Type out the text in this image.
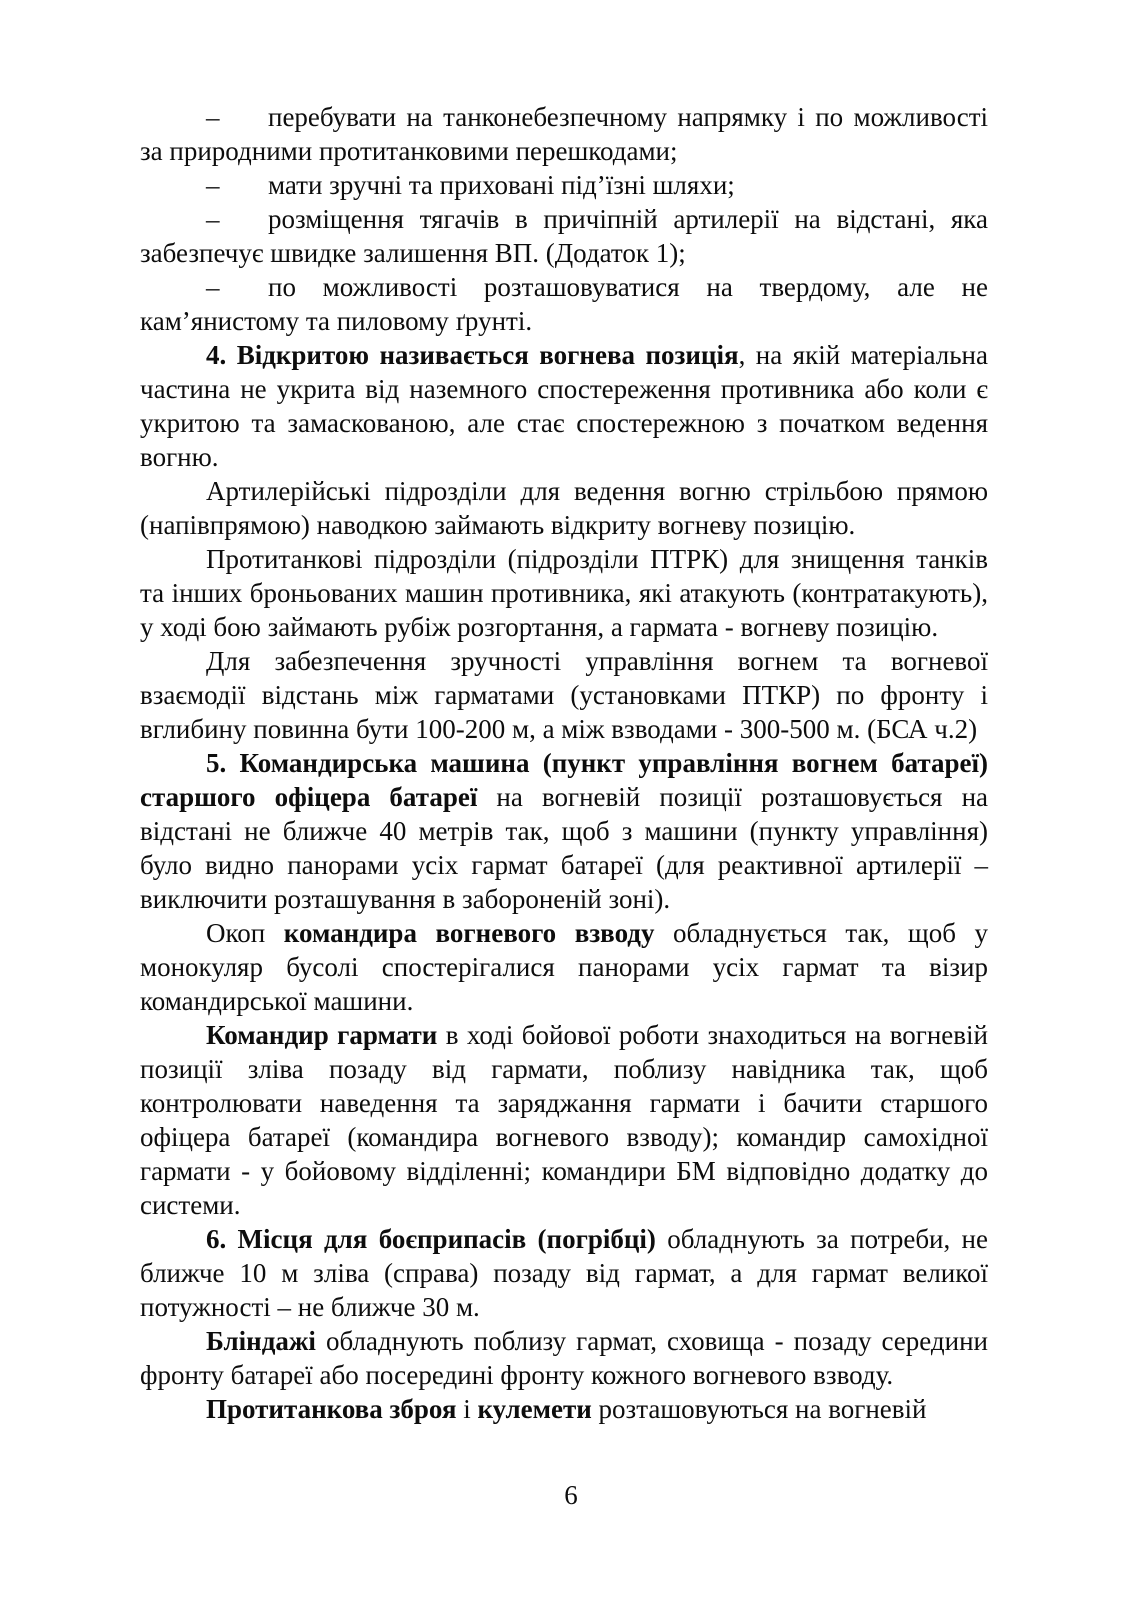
– перебувати на танконебезпечному напрямку і по можливості за природними протитанковими перешкодами;

– мати зручні та приховані під’їзні шляхи;

– розміщення тягачів в причіпній артилерії на відстані, яка забезпечує швидке залишення ВП. (Додаток 1);

– по можливості розташовуватися на твердому, але не кам’янистому та пиловому ґрунті.

4. Відкритою називається вогнева позиція, на якій матеріальна частина не укрита від наземного спостереження противника або коли є укритою та замаскованою, але стає спостережною з початком ведення вогню.

Артилерійські підрозділи для ведення вогню стрільбою прямою (напівпрямою) наводкою займають відкриту вогневу позицію.

Протитанкові підрозділи (підрозділи ПТРК) для знищення танків та інших броньованих машин противника, які атакують (контратакують), у ході бою займають рубіж розгортання, а гармата - вогневу позицію.

Для забезпечення зручності управління вогнем та вогневої взаємодії відстань між гарматами (установками ПТКР) по фронту і вглибину повинна бути 100-200 м, а між взводами - 300-500 м. (БСА ч.2)

5. Командирська машина (пункт управління вогнем батареї) старшого офіцера батареї на вогневій позиції розташовується на відстані не ближче 40 метрів так, щоб з машини (пункту управління) було видно панорами усіх гармат батареї (для реактивної артилерії – виключити розташування в забороненій зоні).

Окоп командира вогневого взводу обладнується так, щоб у монокуляр бусолі спостерігалися панорами усіх гармат та візир командирської машини.

Командир гармати в ході бойової роботи знаходиться на вогневій позиції зліва позаду від гармати, поблизу навідника так, щоб контролювати наведення та заряджання гармати і бачити старшого офіцера батареї (командира вогневого взводу); командир самохідної гармати - у бойовому відділенні; командири БМ відповідно додатку до системи.

6. Місця для боєприпасів (погрібці) обладнують за потреби, не ближче 10 м зліва (справа) позаду від гармат, а для гармат великої потужності – не ближче 30 м.

Бліндажі обладнують поблизу гармат, сховища - позаду середини фронту батареї або посередині фронту кожного вогневого взводу.

Протитанкова зброя і кулемети розташовуються на вогневій

6
